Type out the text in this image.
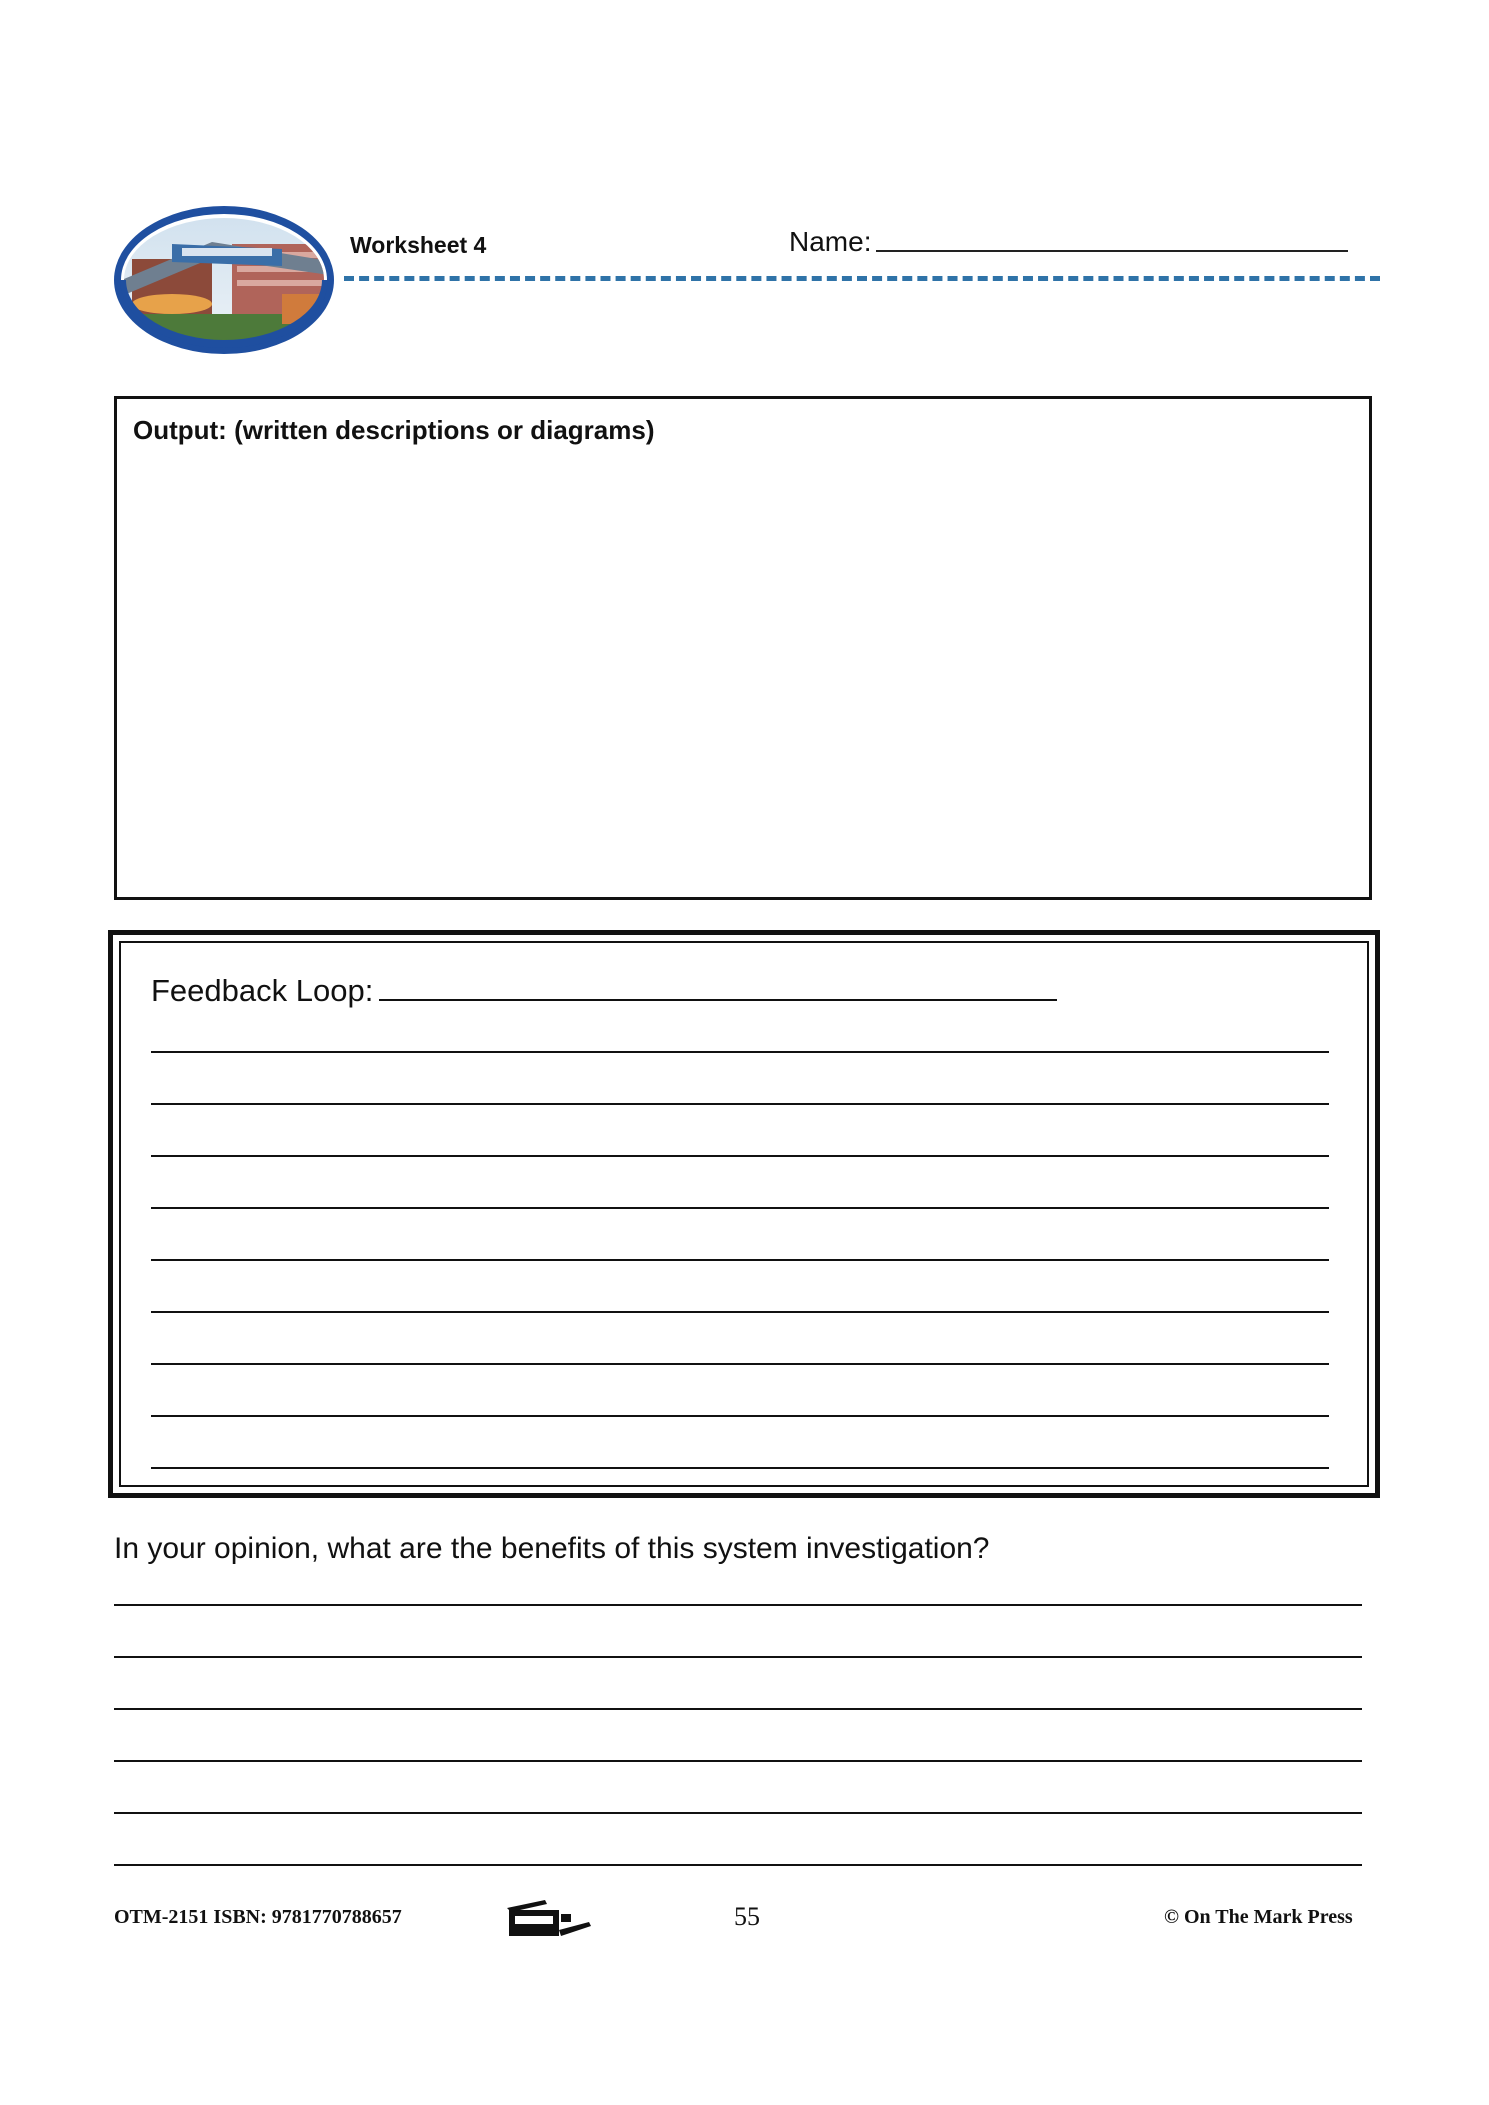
Worksheet 4	Name:
Output: (written descriptions or diagrams)
Feedback Loop:
In your opinion, what are the benefits of this system investigation?
OTM-2151 ISBN: 9781770788657	55	© On The Mark Press
